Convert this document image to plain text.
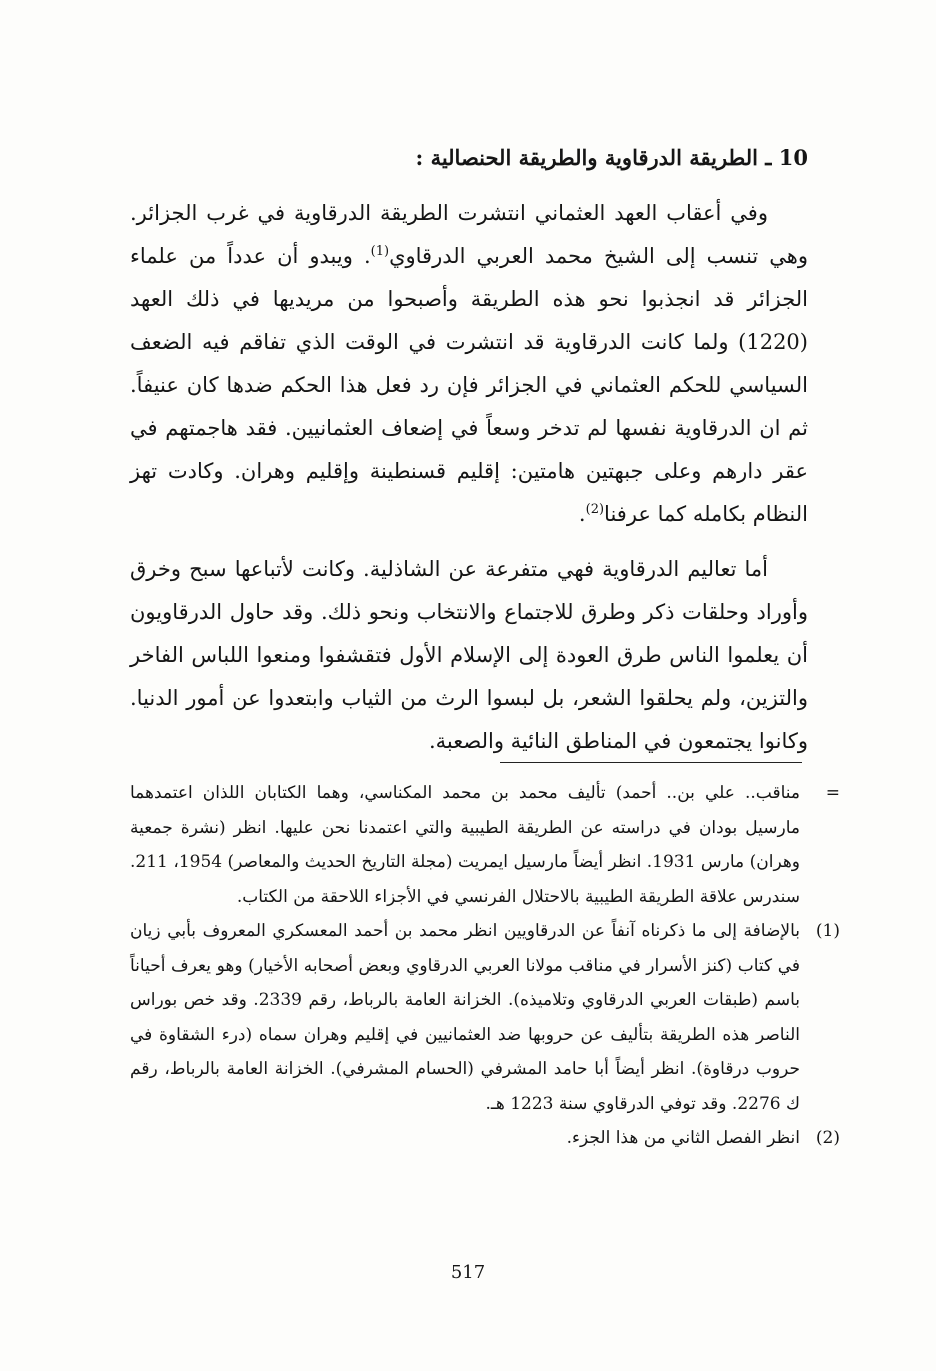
10 ـ الطريقة الدرقاوية والطريقة الحنصالية :

وفي أعقاب العهد العثماني انتشرت الطريقة الدرقاوية في غرب الجزائر. وهي تنسب إلى الشيخ محمد العربي الدرقاوي$^{(1)}$. ويبدو أن عدداً من علماء الجزائر قد انجذبوا نحو هذه الطريقة وأصبحوا من مريديها في ذلك العهد (1220) ولما كانت الدرقاوية قد انتشرت في الوقت الذي تفاقم فيه الضعف السياسي للحكم العثماني في الجزائر فإن رد فعل هذا الحكم ضدها كان عنيفاً. ثم ان الدرقاوية نفسها لم تدخر وسعاً في إضعاف العثمانيين. فقد هاجمتهم في عقر دارهم وعلى جبهتين هامتين: إقليم قسنطينة وإقليم وهران. وكادت تهز النظام بكامله كما عرفنا$^{(2)}$.

أما تعاليم الدرقاوية فهي متفرعة عن الشاذلية. وكانت لأتباعها سبح وخرق وأوراد وحلقات ذكر وطرق للاجتماع والانتخاب ونحو ذلك. وقد حاول الدرقاويون أن يعلموا الناس طرق العودة إلى الإسلام الأول فتقشفوا ومنعوا اللباس الفاخر والتزين، ولم يحلقوا الشعر، بل لبسوا الرث من الثياب وابتعدوا عن أمور الدنيا. وكانوا يجتمعون في المناطق النائية والصعبة.

=
مناقب.. علي بن.. أحمد) تأليف محمد بن محمد المكناسي، وهما الكتابان اللذان اعتمدهما مارسيل بودان في دراسته عن الطريقة الطيبية والتي اعتمدنا نحن عليها. انظر (نشرة جمعية وهران) مارس 1931. انظر أيضاً مارسيل ايمريت (مجلة التاريخ الحديث والمعاصر) 1954، 211. سندرس علاقة الطريقة الطيبية بالاحتلال الفرنسي في الأجزاء اللاحقة من الكتاب.
(1)
بالإضافة إلى ما ذكرناه آنفاً عن الدرقاويين انظر محمد بن أحمد المعسكري المعروف بأبي زيان في كتاب (كنز الأسرار في مناقب مولانا العربي الدرقاوي وبعض أصحابه الأخيار) وهو يعرف أحياناً باسم (طبقات العربي الدرقاوي وتلاميذه). الخزانة العامة بالرباط، رقم 2339. وقد خص بوراس الناصر هذه الطريقة بتأليف عن حروبها ضد العثمانيين في إقليم وهران سماه (درء الشقاوة في حروب درقاوة). انظر أيضاً أبا حامد المشرفي (الحسام المشرفي). الخزانة العامة بالرباط، رقم ك 2276. وقد توفي الدرقاوي سنة 1223 هـ.
(2)
انظر الفصل الثاني من هذا الجزء.
517
